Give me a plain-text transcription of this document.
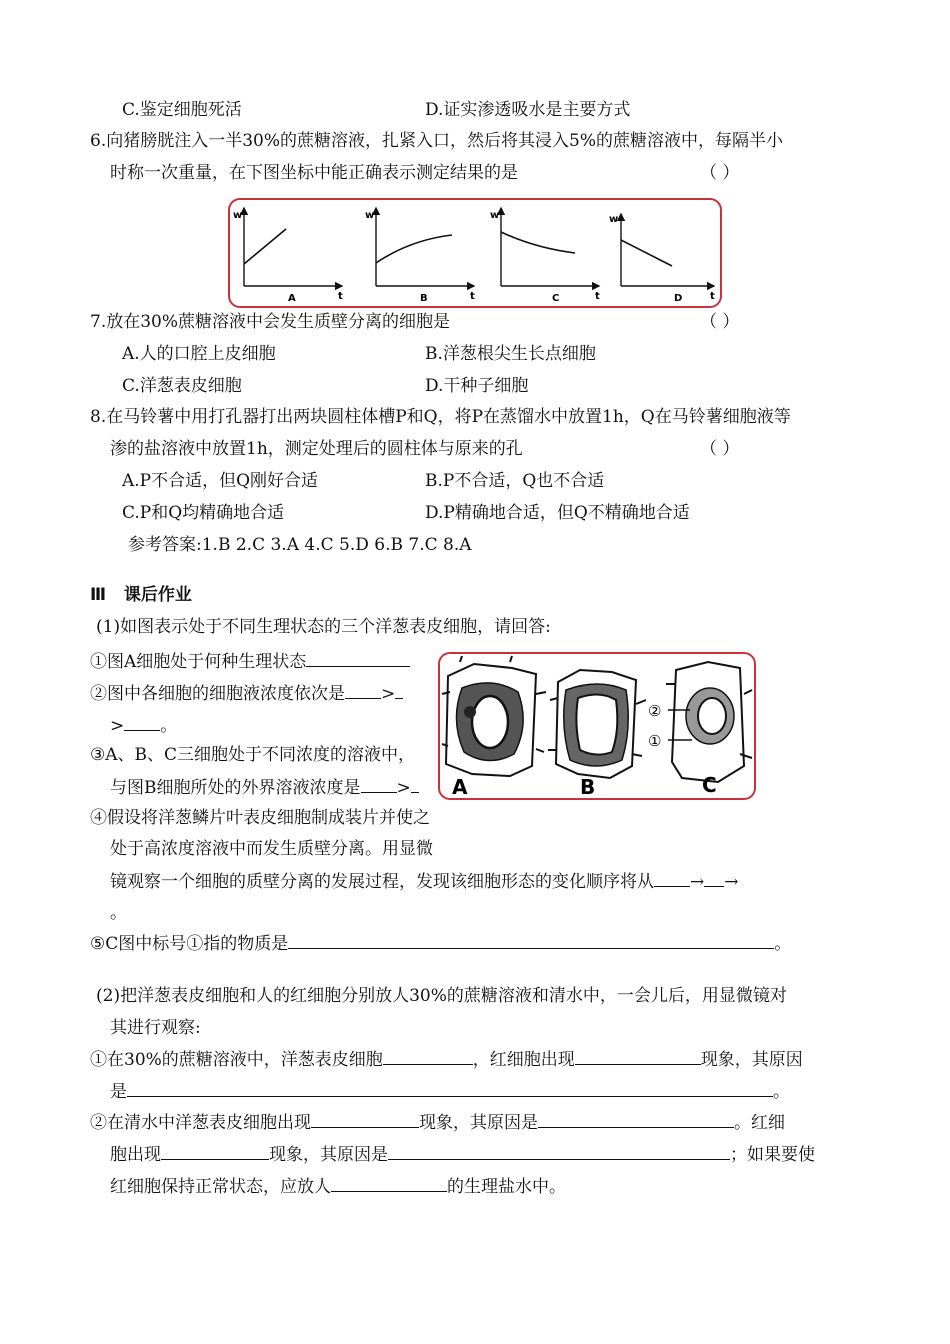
C.鉴定细胞死活	D.证实渗透吸水是主要方式
6.向猪膀胱注入一半30%的蔗糖溶液，扎紧入口，然后将其浸入5%的蔗糖溶液中，每隔半小
时称一次重量，在下图坐标中能正确表示测定结果的是	（ ）
w
t
A
w
t
B
w
t
C
w
t
D
7.放在30%蔗糖溶液中会发生质壁分离的细胞是	（ ）
A.人的口腔上皮细胞	B.洋葱根尖生长点细胞
C.洋葱表皮细胞	D.干种子细胞
8.在马铃薯中用打孔器打出两块圆柱体槽P和Q，将P在蒸馏水中放置1h，Q在马铃薯细胞液等
渗的盐溶液中放置1h，测定处理后的圆柱体与原来的孔	（ ）
A.P不合适，但Q刚好合适	B.P不合适，Q也不合适
C.P和Q均精确地合适	D.P精确地合适，但Q不精确地合适
参考答案:1.B 2.C 3.A 4.C 5.D 6.B 7.C 8.A
Ⅲ 课后作业
(1)如图表示处于不同生理状态的三个洋葱表皮细胞，请回答:
①图A细胞处于何种生理状态
②图中各细胞的细胞液浓度依次是 >
> 。
③A、B、C三细胞处于不同浓度的溶液中，
与图B细胞所处的外界溶液浓度是 >	A	B
②
①
C
④假设将洋葱鳞片叶表皮细胞制成装片并使之
处于高浓度溶液中而发生质壁分离。用显微
镜观察一个细胞的质壁分离的发展过程，发现该细胞形态的变化顺序将从 → →
。
⑤C图中标号①指的物质是	。
(2)把洋葱表皮细胞和人的红细胞分别放人30%的蔗糖溶液和清水中，一会儿后，用显微镜对
其进行观察:
①在30%的蔗糖溶液中，洋葱表皮细胞	，红细胞出现	现象，其原因
是	。
②在清水中洋葱表皮细胞出现	现象，其原因是	。红细
胞出现	现象，其原因是	；如果要使
红细胞保持正常状态，应放人	的生理盐水中。
